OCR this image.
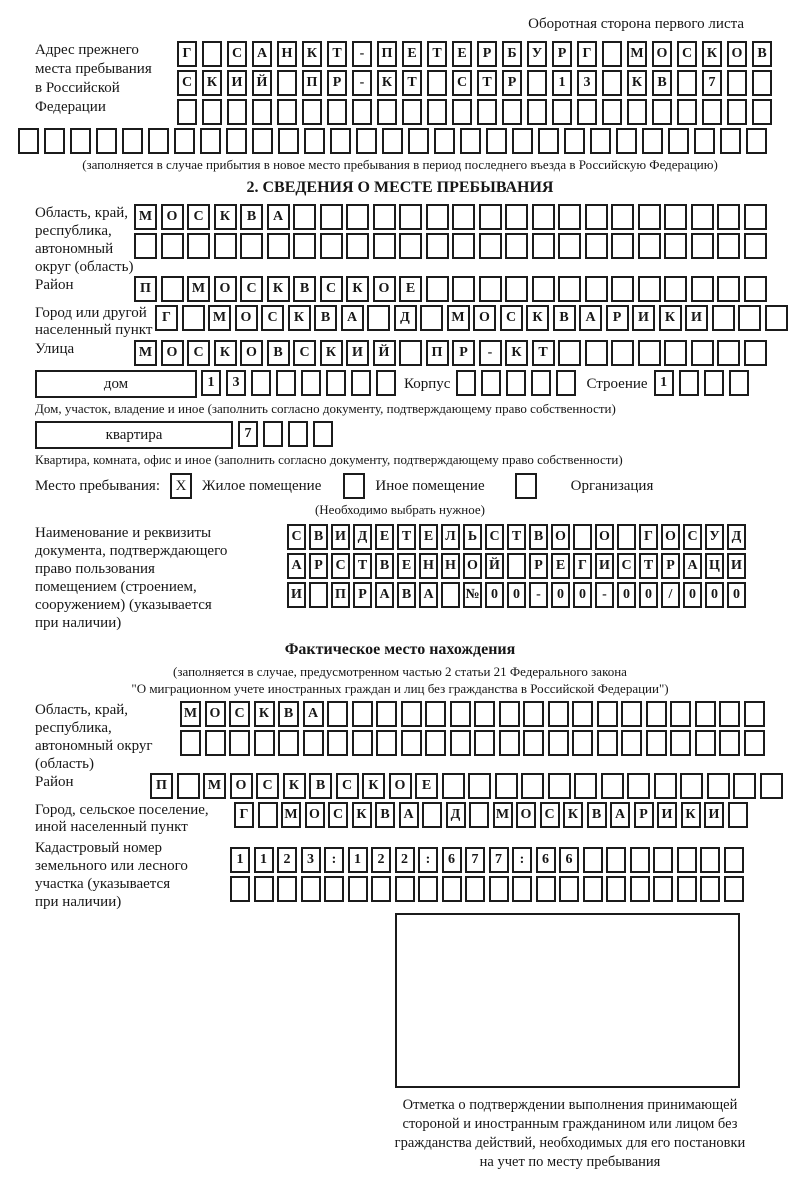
Оборотная сторона первого листа
Адрес прежнего
места пребывания
в Российской
Федерации
Г	С	А	Н	К	Т	-	П	Е	Т	Е	Р	Б	У	Р	Г	М О	С	К	О	В
С	К	И	Й	П	Р	-	К	Т	С	Т	Р	1	3	К	В	7
(заполняется в случае прибытия в новое место пребывания в период последнего въезда в Российскую Федерацию)
2. СВЕДЕНИЯ О МЕСТЕ ПРЕБЫВАНИЯ
Область, край,
республика,
автономный
округ (область)
М	О	С	К	В	А
Район	П	М	О	С	К	В	С	К	О	Е
Город или другой
населенный пункт
Г	М	О	С	К	В	А	Д	М	О	С	К	В	А	Р	И	К	И
Улица	М	О	С	К	О	В	С	К	И	Й	П	Р	-	К	Т
дом	1	3	Корпус	Строение 1
Дом, участок, владение и иное (заполнить согласно документу, подтверждающему право собственности)
квартира	7
Квартира, комната, офис и иное (заполнить согласно документу, подтверждающему право собственности)
Место пребывания:	X	Жилое помещение	Иное помещение	Организация
(Необходимо выбрать нужное)
Наименование и реквизиты
документа, подтверждающего
право пользования
помещением (строением,
сооружением) (указывается
при наличии)
С В И Д Е Т Е Л Ь С Т В О О	Г О С У Д
А Р С Т В Е Н Н О Й	Р Е Г И С Т Р А Ц И
И П Р А В А	№ 0	0	-	0	0	-	0	0	/	0	0	0
Фактическое место нахождения
(заполняется в случае, предусмотренном частью 2 статьи 21 Федерального закона
"О миграционном учете иностранных граждан и лиц без гражданства в Российской Федерации")
Область, край,
республика,
автономный округ
(область)
М О	С	К	В	А
Район	П	М	О	С	К	В	С	К	О	Е
Город, сельское поселение,
иной населенный пункт
Г	М О С К В А	Д	М О С К В А	Р И К И
Кадастровый номер
земельного или лесного
участка (указывается
при наличии)
1	1	2	3	:	1	2	2	:	6	7	7	:	6	6
Отметка о подтверждении выполнения принимающей
стороной и иностранным гражданином или лицом без
гражданства действий, необходимых для его постановки
на учет по месту пребывания
